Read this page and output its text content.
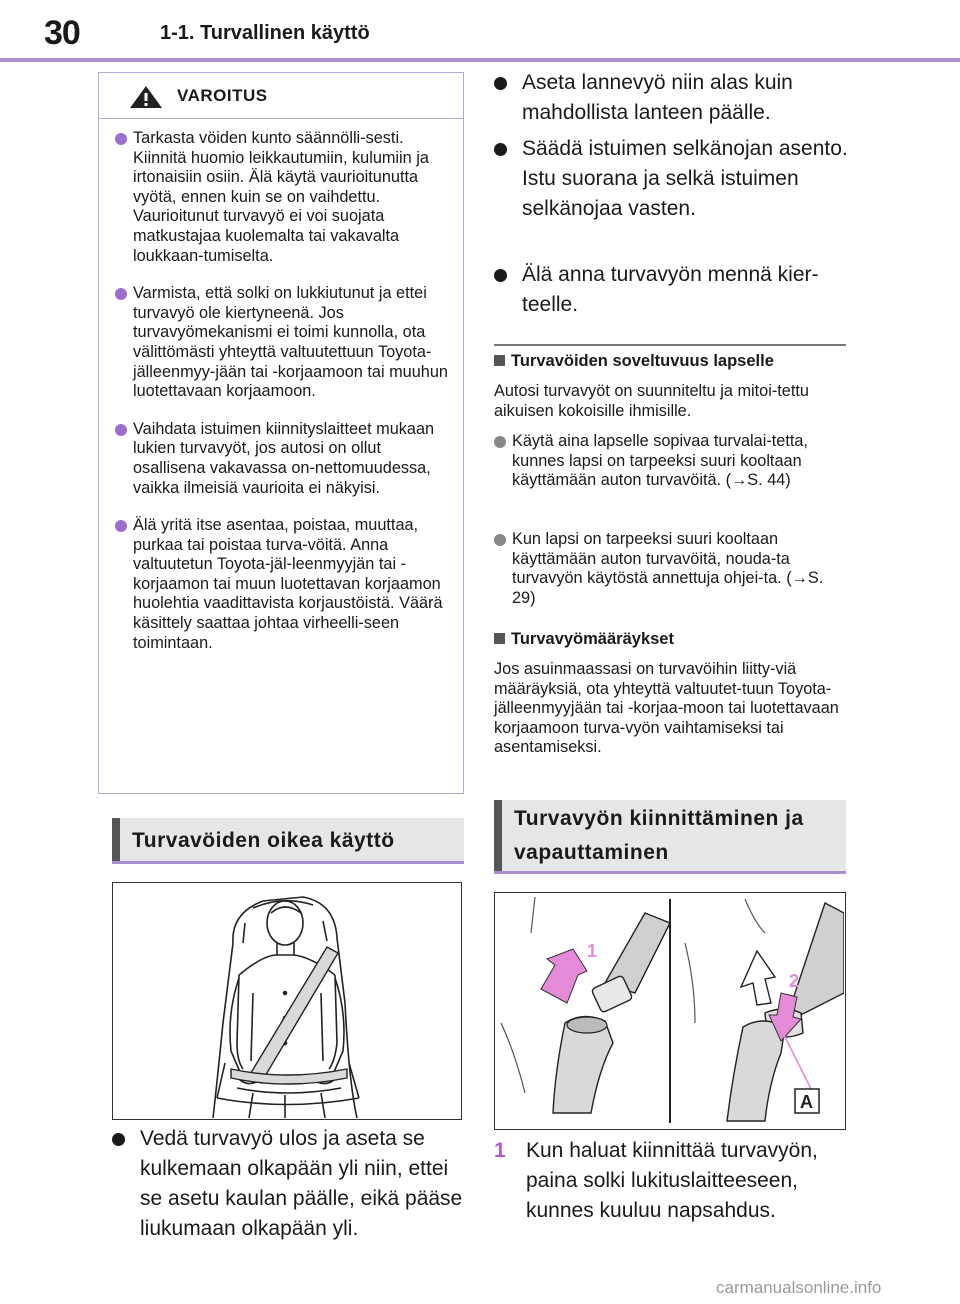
30	1-1. Turvallinen käyttö
VAROITUS
Tarkasta vöiden kunto säännölli-sesti. Kiinnitä huomio leikkautumiin, kulumiin ja irtonaisiin osiin. Älä käytä vaurioitunutta vyötä, ennen kuin se on vaihdettu. Vaurioitunut turvavyö ei voi suojata matkustajaa kuolemalta tai vakavalta loukkaan-tumiselta.
Varmista, että solki on lukkiutunut ja ettei turvavyö ole kiertyneenä. Jos turvavyömekanismi ei toimi kunnolla, ota välittömästi yhteyttä valtuutettuun Toyota-jälleenmyy-jään tai -korjaamoon tai muuhun luotettavaan korjaamoon.
Vaihdata istuimen kiinnityslaitteet mukaan lukien turvavyöt, jos autosi on ollut osallisena vakavassa on-nettomuudessa, vaikka ilmeisiä vaurioita ei näkyisi.
Älä yritä itse asentaa, poistaa, muuttaa, purkaa tai poistaa turva-vöitä. Anna valtuutetun Toyota-jäl-leenmyyjän tai -korjaamon tai muun luotettavan korjaamon huolehtia vaadittavista korjaustöistä. Väärä käsittely saattaa johtaa virheelli-seen toimintaan.
Turvavöiden oikea käyttö

Vedä turvavyö ulos ja aseta se kulkemaan olkapään yli niin, ettei se asetu kaulan päälle, eikä pääse liukumaan olkapään yli.

Aseta lannevyö niin alas kuin mahdollista lanteen päälle.

Säädä istuimen selkänojan asento.

Istu suorana ja selkä istuimen selkänojaa vasten.

Älä anna turvavyön mennä kier-teelle.

Turvavöiden soveltuvuus lapselle
Autosi turvavyöt on suunniteltu ja mitoi-tettu aikuisen kokoisille ihmisille.
Käytä aina lapselle sopivaa turvalai-tetta, kunnes lapsi on tarpeeksi suuri kooltaan käyttämään auton turvavöitä. (→S. 44)
Kun lapsi on tarpeeksi suuri kooltaan käyttämään auton turvavöitä, nouda-ta turvavyön käytöstä annettuja ohjei-ta. (→S. 29)
Turvavyömääräykset
Jos asuinmaassasi on turvavöihin liitty-viä määräyksiä, ota yhteyttä valtuutet-tuun Toyota-jälleenmyyjään tai -korjaa-moon tai luotettavaan korjaamoon turva-vyön vaihtamiseksi tai asentamiseksi.
Turvavyön kiinnittäminen ja vapauttaminen
1
2
A
1 Kun haluat kiinnittää turvavyön, paina solki lukituslaitteeseen, kunnes kuuluu napsahdus.
carmanualsonline.info
